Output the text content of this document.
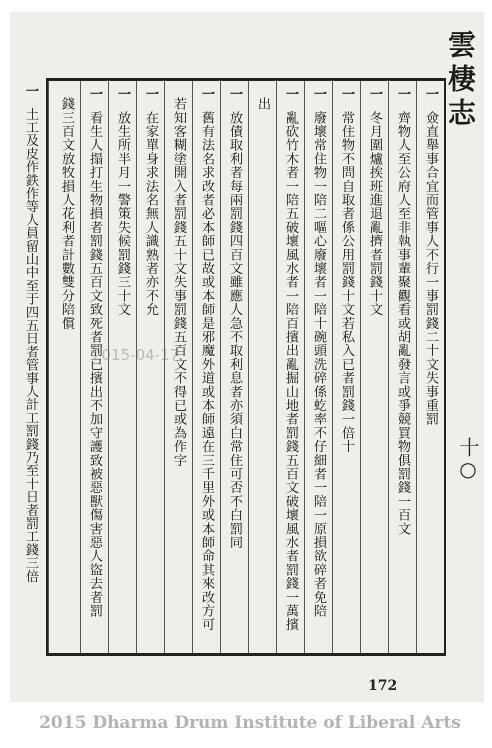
雲棲志
十○
一僉直舉事合宜而管事人不行一事罰錢二十文失事重罰
一齊物人至公府人至非執事輩聚觀看或胡亂發言或爭競買物俱罰錢一百文
一冬月圍爐挨班進退亂擠者罰錢十文
一常住物不問自取者係公用罰錢十文若私入已者罰錢一倍十
一廢壞常住物一陪二嘔心廢壞者一陪十碗頭洗碎係虼率不仔細者一陪一原損欲碎者免陪
一亂砍竹木者一陪五破壞風水者一陪百擯出亂掘山地者罰錢五百文破壞風水者罰錢一萬擯
出
一放債取利者每兩罰錢四百文雖應人急不取利息者亦須白常住可否不白罰同
一舊有法名求改者必本師已故或本師是邪魔外道或本師遠在三千里外或本師命其來改方可
若知客糊塗開入者罰錢五十文失事罰錢五百文不得已或為作字
一在家單身求法名無人識熟者亦不允
一放生所半月一警策失候罰錢三十文
一看生人搨打生物損者罰錢五百文致死者罰已擯出不加守護致被惡獸傷害惡人盜去者罰
錢三百文放牧損人花利者計數雙分陪償
一土工及皮作鉄作等人員留山中至于四五日者管事人計工罰錢乃至十日者罰工錢三倍
172
2015-04-17
2015 Dharma Drum Institute of Liberal Arts
